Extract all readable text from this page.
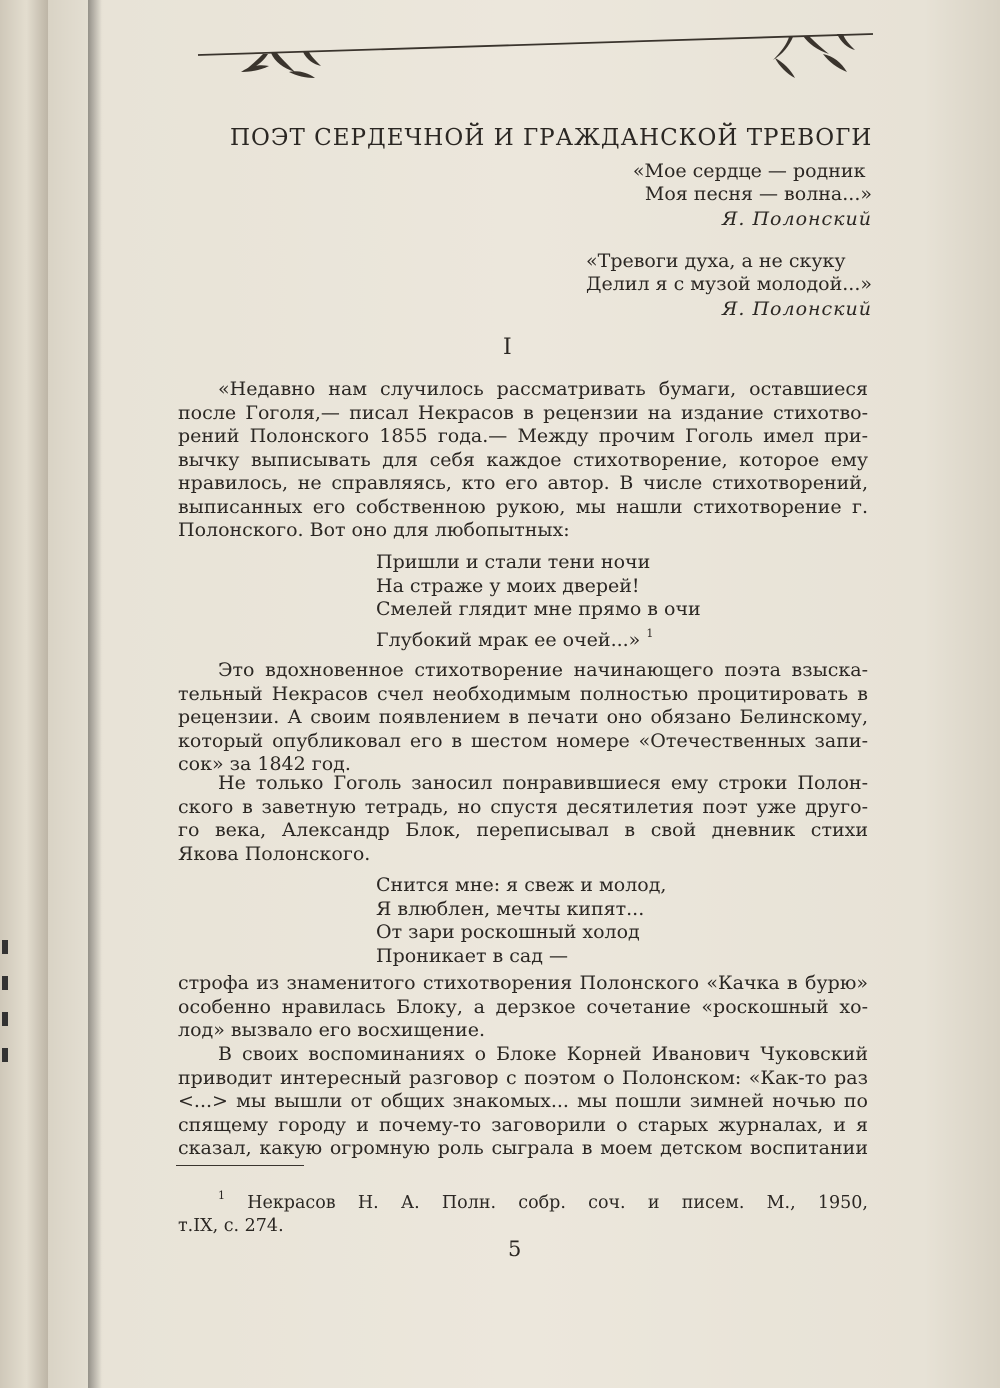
ПОЭТ СЕРДЕЧНОЙ И ГРАЖДАНСКОЙ ТРЕВОГИ
«Мое сердце — родник
Моя песня — волна...»
Я. Полонский
«Тревоги духа, а не скуку
Делил я с музой молодой...»
Я. Полонский
I
«Недавно нам случилось рассматривать бумаги, оставшиеся
после Гоголя,— писал Некрасов в рецензии на издание стихотво-
рений Полонского 1855 года.— Между прочим Гоголь имел при-
вычку выписывать для себя каждое стихотворение, которое ему
нравилось, не справляясь, кто его автор. В числе стихотворений,
выписанных его собственною рукою, мы нашли стихотворение г.
Полонского. Вот оно для любопытных:
Пришли и стали тени ночи
На страже у моих дверей!
Смелей глядит мне прямо в очи
Глубокий мрак ее очей...» $^1$
Это вдохновенное стихотворение начинающего поэта взыска-
тельный Некрасов счел необходимым полностью процитировать в
рецензии. А своим появлением в печати оно обязано Белинскому,
который опубликовал его в шестом номере «Отечественных запи-
сок» за 1842 год.
Не только Гоголь заносил понравившиеся ему строки Полон-
ского в заветную тетрадь, но спустя десятилетия поэт уже друго-
го века, Александр Блок, переписывал в свой дневник стихи
Якова Полонского.
Снится мне: я свеж и молод,
Я влюблен, мечты кипят...
От зари роскошный холод
Проникает в сад —
строфа из знаменитого стихотворения Полонского «Качка в бурю»
особенно нравилась Блоку, а дерзкое сочетание «роскошный хо-
лод» вызвало его восхищение.
В своих воспоминаниях о Блоке Корней Иванович Чуковский
приводит интересный разговор с поэтом о Полонском: «Как-то раз
<...> мы вышли от общих знакомых... мы пошли зимней ночью по
спящему городу и почему-то заговорили о старых журналах, и я
сказал, какую огромную роль сыграла в моем детском воспитании
$^1$ Некрасов Н. А. Полн. собр. соч. и писем. М., 1950,
т.IX, с. 274.
5
